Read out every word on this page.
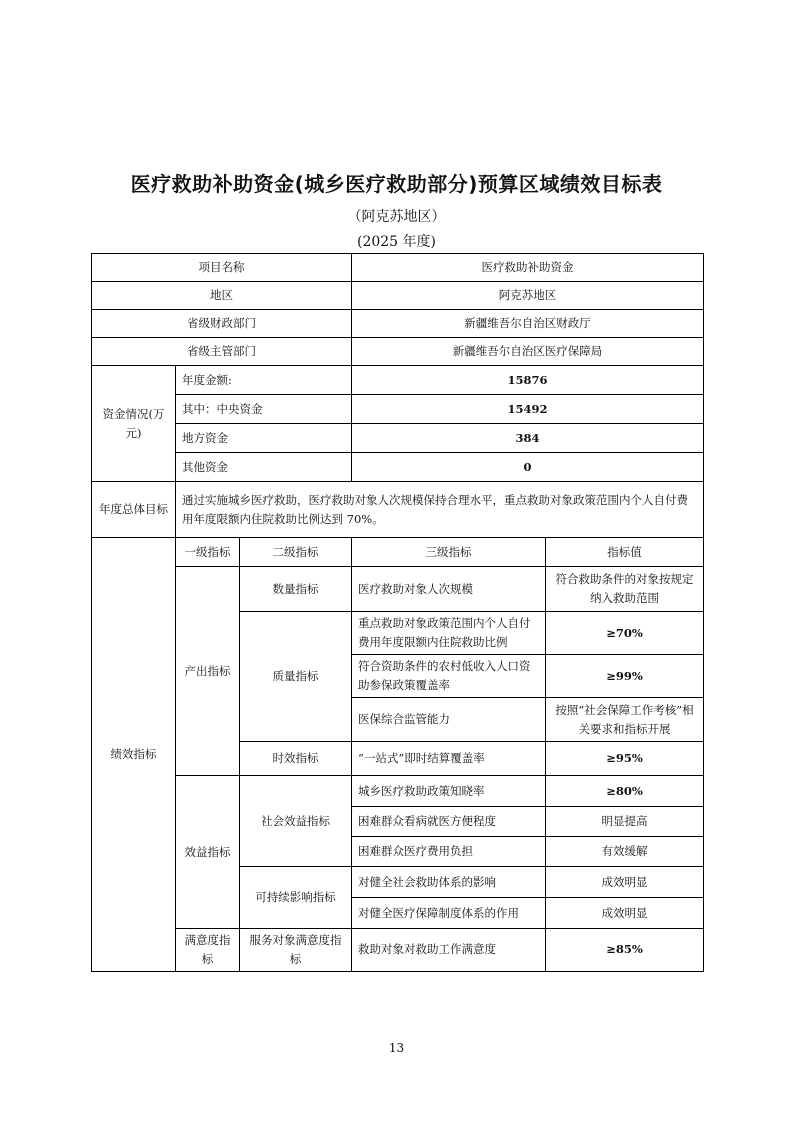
医疗救助补助资金(城乡医疗救助部分)预算区域绩效目标表
（阿克苏地区）
(2025 年度)
项目名称			医疗救助补助资金	
地区			阿克苏地区	
省级财政部门			新疆维吾尔自治区财政厅	
省级主管部门			新疆维吾尔自治区医疗保障局	
资金情况(万元)	年度金额:		15876	
	其中：中央资金		15492	
	地方资金		384	
	其他资金		0	
年度总体目标	通过实施城乡医疗救助，医疗救助对象人次规模保持合理水平，重点救助对象政策范围内个人自付费用年度限额内住院救助比例达到 70%。			
绩效指标	一级指标	二级指标	三级指标	指标值
	产出指标	数量指标	医疗救助对象人次规模	符合救助条件的对象按规定纳入救助范围
		质量指标	重点救助对象政策范围内个人自付费用年度限额内住院救助比例	≥70%
			符合资助条件的农村低收入人口资助参保政策覆盖率	≥99%
			医保综合监管能力	按照“社会保障工作考核”相关要求和指标开展
		时效指标	“一站式”即时结算覆盖率	≥95%
	效益指标	社会效益指标	城乡医疗救助政策知晓率	≥80%
			困难群众看病就医方便程度	明显提高
			困难群众医疗费用负担	有效缓解
		可持续影响指标	对健全社会救助体系的影响	成效明显
			对健全医疗保障制度体系的作用	成效明显
	满意度指标	服务对象满意度指标	救助对象对救助工作满意度	≥85%
13
